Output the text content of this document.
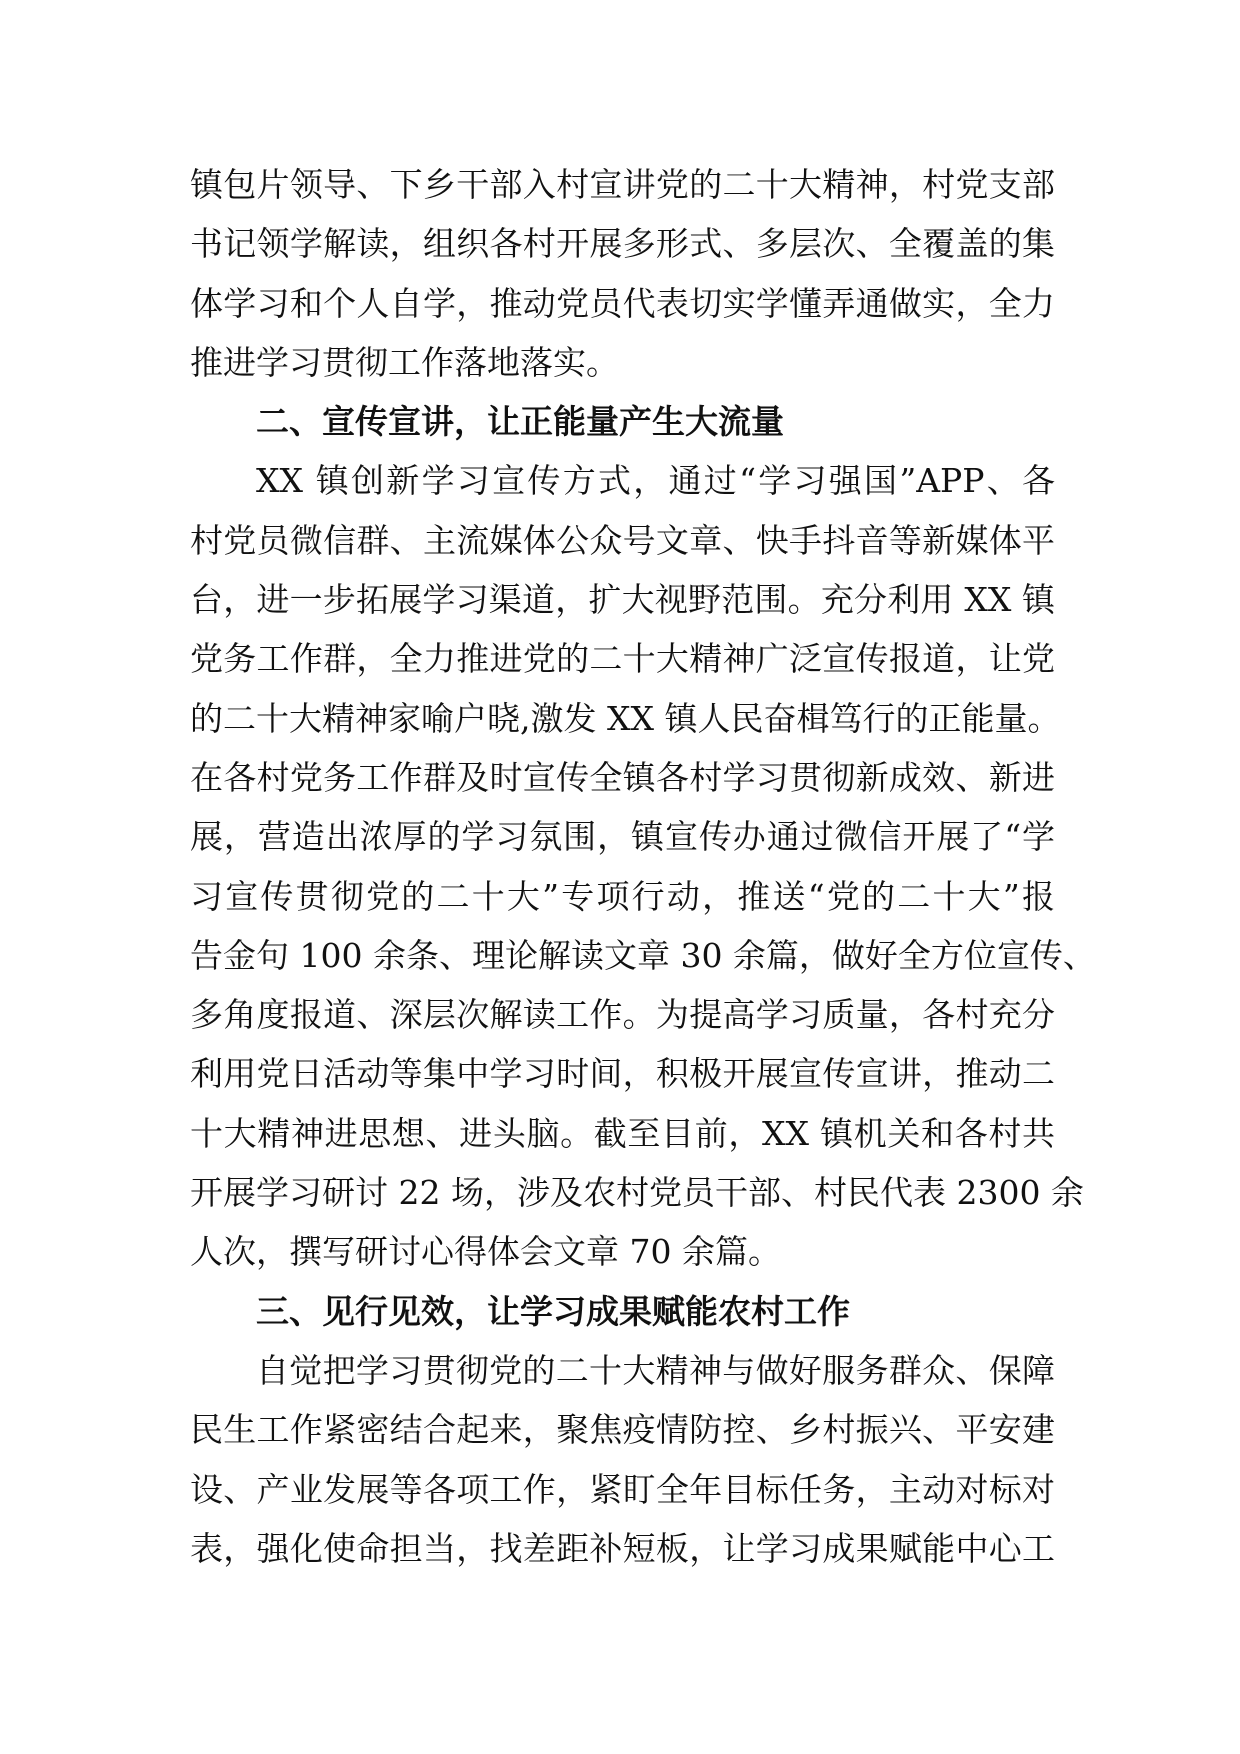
镇包片领导、下乡干部入村宣讲党的二十大精神，村党支部
书记领学解读，组织各村开展多形式、多层次、全覆盖的集
体学习和个人自学，推动党员代表切实学懂弄通做实，全力
推进学习贯彻工作落地落实。
二、宣传宣讲，让正能量产生大流量
XX 镇创新学习宣传方式，通过“学习强国”APP、各
村党员微信群、主流媒体公众号文章、快手抖音等新媒体平
台，进一步拓展学习渠道，扩大视野范围。充分利用 XX 镇
党务工作群，全力推进党的二十大精神广泛宣传报道，让党
的二十大精神家喻户晓,激发 XX 镇人民奋楫笃行的正能量。
在各村党务工作群及时宣传全镇各村学习贯彻新成效、新进
展，营造出浓厚的学习氛围，镇宣传办通过微信开展了“学
习宣传贯彻党的二十大”专项行动，推送“党的二十大”报
告金句 100 余条、理论解读文章 30 余篇，做好全方位宣传、
多角度报道、深层次解读工作。为提高学习质量，各村充分
利用党日活动等集中学习时间，积极开展宣传宣讲，推动二
十大精神进思想、进头脑。截至目前，XX 镇机关和各村共
开展学习研讨 22 场，涉及农村党员干部、村民代表 2300 余
人次，撰写研讨心得体会文章 70 余篇。
三、见行见效，让学习成果赋能农村工作
自觉把学习贯彻党的二十大精神与做好服务群众、保障
民生工作紧密结合起来，聚焦疫情防控、乡村振兴、平安建
设、产业发展等各项工作，紧盯全年目标任务，主动对标对
表，强化使命担当，找差距补短板，让学习成果赋能中心工
